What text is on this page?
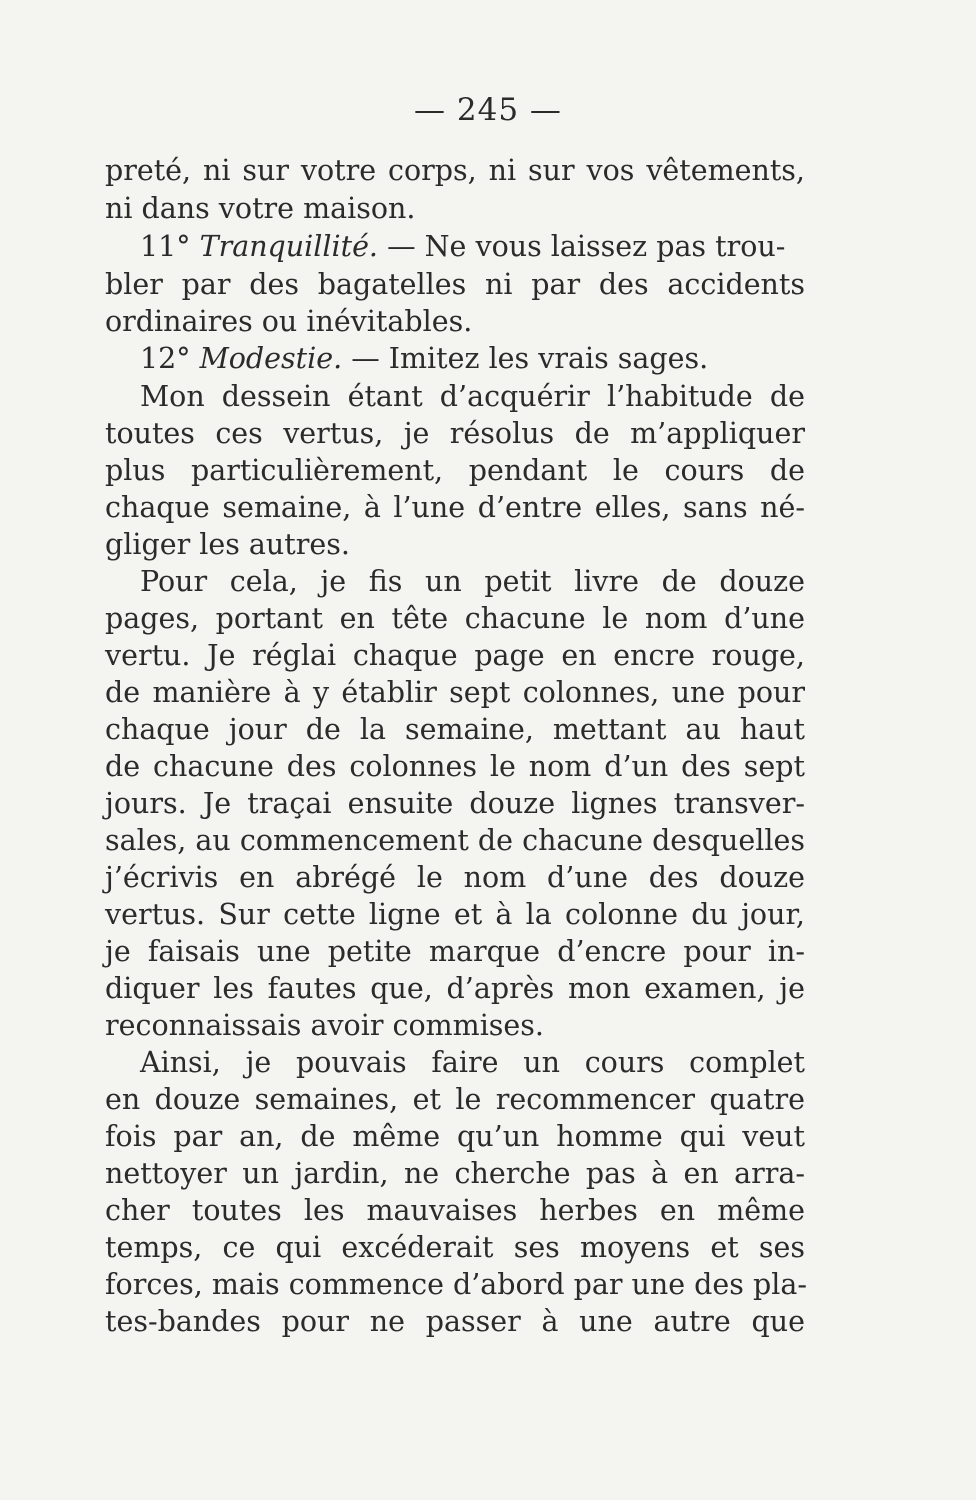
— 245 —
preté, ni sur votre corps, ni sur vos vêtements,
ni dans votre maison.
11° Tranquillité. — Ne vous laissez pas trou-
bler par des bagatelles ni par des accidents
ordinaires ou inévitables.
12° Modestie. — Imitez les vrais sages.
Mon dessein étant d’acquérir l’habitude de
toutes ces vertus, je résolus de m’appliquer
plus particulièrement, pendant le cours de
chaque semaine, à l’une d’entre elles, sans né-
gliger les autres.
Pour cela, je fis un petit livre de douze
pages, portant en tête chacune le nom d’une
vertu. Je réglai chaque page en encre rouge,
de manière à y établir sept colonnes, une pour
chaque jour de la semaine, mettant au haut
de chacune des colonnes le nom d’un des sept
jours. Je traçai ensuite douze lignes transver-
sales, au commencement de chacune desquelles
j’écrivis en abrégé le nom d’une des douze
vertus. Sur cette ligne et à la colonne du jour,
je faisais une petite marque d’encre pour in-
diquer les fautes que, d’après mon examen, je
reconnaissais avoir commises.
Ainsi, je pouvais faire un cours complet
en douze semaines, et le recommencer quatre
fois par an, de même qu’un homme qui veut
nettoyer un jardin, ne cherche pas à en arra-
cher toutes les mauvaises herbes en même
temps, ce qui excéderait ses moyens et ses
forces, mais commence d’abord par une des pla-
tes-bandes pour ne passer à une autre que
